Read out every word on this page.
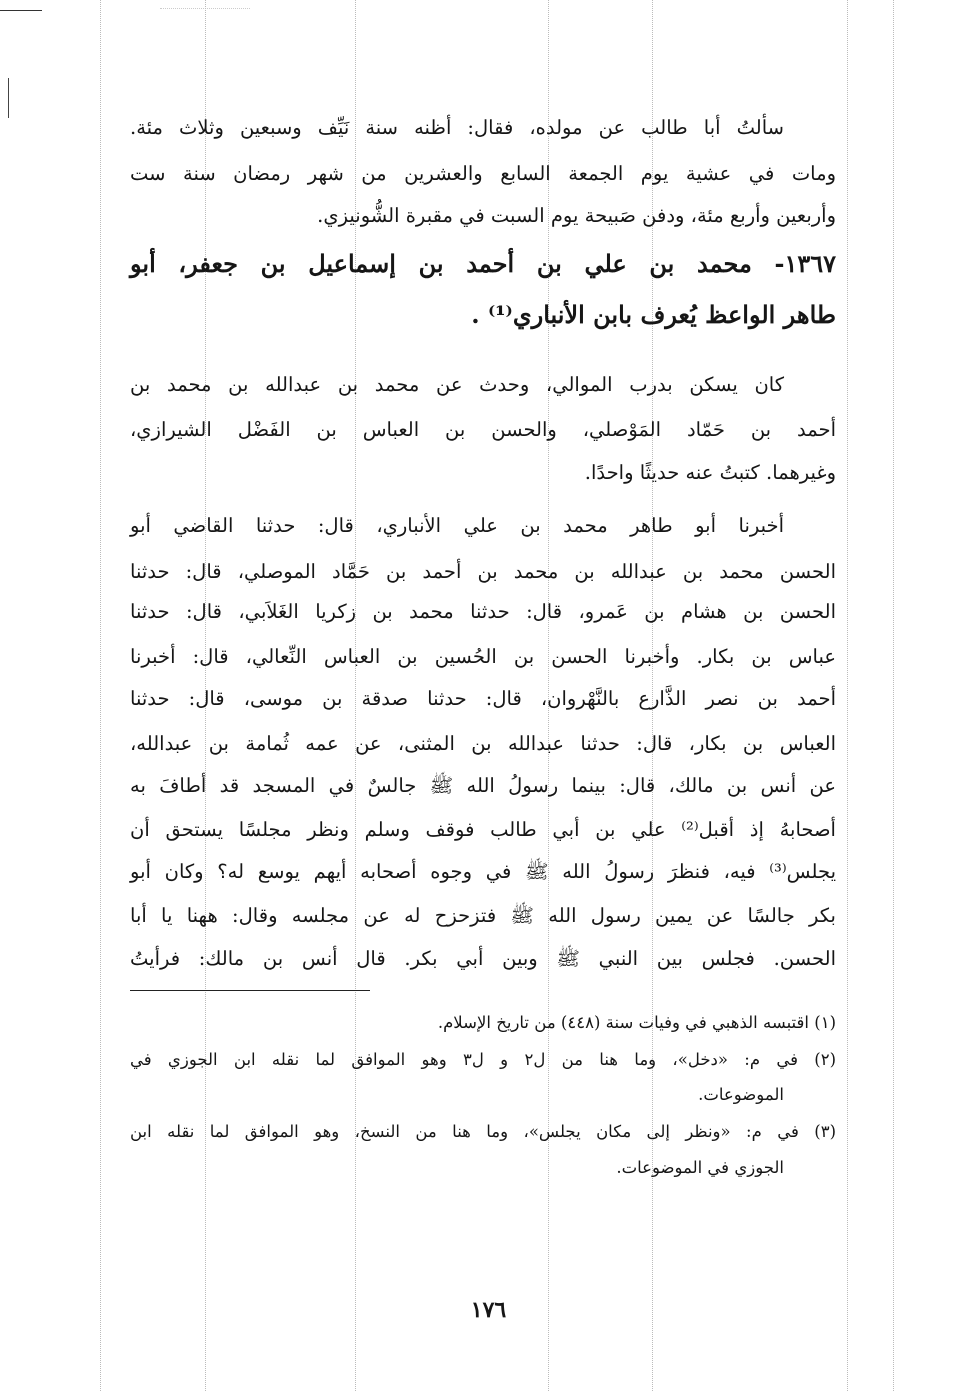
سألتُ أبا طالب عن مولده، فقال: أظنه سنة نَيِّف وسبعين وثلاث مئة.
ومات في عشية يوم الجمعة السابع والعشرين من شهر رمضان سنة ست
وأربعين وأربع مئة، ودفن صَبيحة يوم السبت في مقبرة الشُّونيزي.
١٣٦٧- محمد بن علي بن أحمد بن إسماعيل بن جعفر، أبو
طاهر الواعظ يُعرف بابن الأنباري⁽¹⁾ .
كان يسكن بدرب الموالي، وحدث عن محمد بن عبدالله بن محمد بن
أحمد بن حَمّاد المَوْصلي، والحسن بن العباس بن الفَضْل الشيرازي،
وغيرهما. كتبتُ عنه حديثًا واحدًا.
أخبرنا أبو طاهر محمد بن علي الأنباري، قال: حدثنا القاضي أبو
الحسن محمد بن عبدالله بن محمد بن أحمد بن حَمَّاد الموصلي، قال: حدثنا
الحسن بن هشام بن عَمرو، قال: حدثنا محمد بن زكريا الغَلاَبي، قال: حدثنا
عباس بن بكار. وأخبرنا الحسن بن الحُسين بن العباس النِّعالي، قال: أخبرنا
أحمد بن نصر الذَّارع بالنَّهْروان، قال: حدثنا صدقة بن موسى، قال: حدثنا
العباس بن بكار، قال: حدثنا عبدالله بن المثنى، عن عمه ثُمامة بن عبدالله،
عن أنس بن مالك، قال: بينما رسولُ الله ﷺ جالسٌ في المسجد قد أطافَ به
أصحابهُ إذ أقبل⁽²⁾ علي بن أبي طالب فوقف وسلم ونظر مجلسًا يستحق أن
يجلس⁽³⁾ فيه، فنظرَ رسولُ الله ﷺ في وجوه أصحابه أيهم يوسع له؟ وكان أبو
بكر جالسًا عن يمين رسول الله ﷺ فتزحزح له عن مجلسه وقال: ههنا يا أبا
الحسن. فجلس بين النبي ﷺ وبين أبي بكر. قال أنس بن مالك: فرأيتُ
(١) اقتبسه الذهبي في وفيات سنة (٤٤٨) من تاريخ الإسلام.
(٢) في م: «دخل»، وما هنا من ل٢ و ل٣ وهو الموافق لما نقله ابن الجوزي في
الموضوعات.
(٣) في م: «ونظر إلى مكان يجلس»، وما هنا من النسخ، وهو الموافق لما نقله ابن
الجوزي في الموضوعات.
١٧٦
